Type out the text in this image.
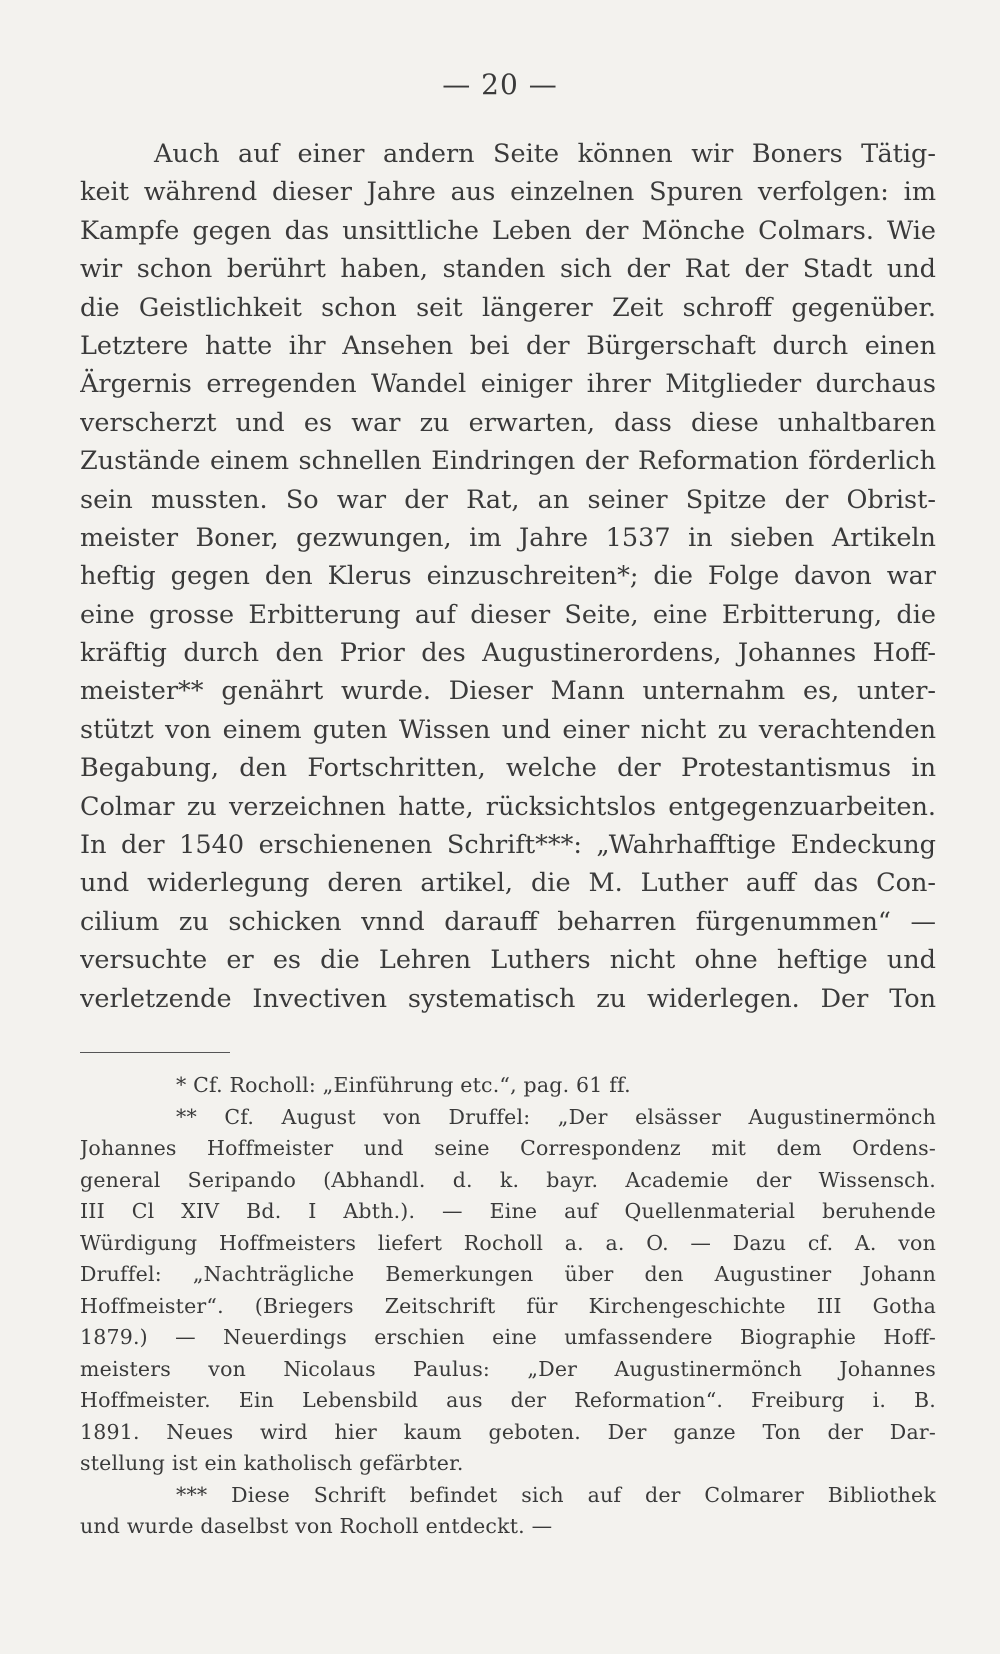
— 20 —
Auch auf einer andern Seite können wir Boners Tätig-
keit während dieser Jahre aus einzelnen Spuren verfolgen: im
Kampfe gegen das unsittliche Leben der Mönche Colmars. Wie
wir schon berührt haben, standen sich der Rat der Stadt und
die Geistlichkeit schon seit längerer Zeit schroff gegenüber.
Letztere hatte ihr Ansehen bei der Bürgerschaft durch einen
Ärgernis erregenden Wandel einiger ihrer Mitglieder durchaus
verscherzt und es war zu erwarten, dass diese unhaltbaren
Zustände einem schnellen Eindringen der Reformation förderlich
sein mussten. So war der Rat, an seiner Spitze der Obrist-
meister Boner, gezwungen, im Jahre 1537 in sieben Artikeln
heftig gegen den Klerus einzuschreiten*; die Folge davon war
eine grosse Erbitterung auf dieser Seite, eine Erbitterung, die
kräftig durch den Prior des Augustinerordens, Johannes Hoff-
meister** genährt wurde. Dieser Mann unternahm es, unter-
stützt von einem guten Wissen und einer nicht zu verachtenden
Begabung, den Fortschritten, welche der Protestantismus in
Colmar zu verzeichnen hatte, rücksichtslos entgegenzuarbeiten.
In der 1540 erschienenen Schrift***: „Wahrhafftige Endeckung
und widerlegung deren artikel, die M. Luther auff das Con-
cilium zu schicken vnnd darauff beharren fürgenummen“ —
versuchte er es die Lehren Luthers nicht ohne heftige und
verletzende Invectiven systematisch zu widerlegen. Der Ton
* Cf. Rocholl: „Einführung etc.“, pag. 61 ff.
** Cf. August von Druffel: „Der elsässer Augustinermönch
Johannes Hoffmeister und seine Correspondenz mit dem Ordens-
general Seripando (Abhandl. d. k. bayr. Academie der Wissensch.
III Cl XIV Bd. I Abth.). — Eine auf Quellenmaterial beruhende
Würdigung Hoffmeisters liefert Rocholl a. a. O. — Dazu cf. A. von
Druffel: „Nachträgliche Bemerkungen über den Augustiner Johann
Hoffmeister“. (Briegers Zeitschrift für Kirchengeschichte III Gotha
1879.) — Neuerdings erschien eine umfassendere Biographie Hoff-
meisters von Nicolaus Paulus: „Der Augustinermönch Johannes
Hoffmeister. Ein Lebensbild aus der Reformation“. Freiburg i. B.
1891. Neues wird hier kaum geboten. Der ganze Ton der Dar-
stellung ist ein katholisch gefärbter.
*** Diese Schrift befindet sich auf der Colmarer Bibliothek
und wurde daselbst von Rocholl entdeckt. —
